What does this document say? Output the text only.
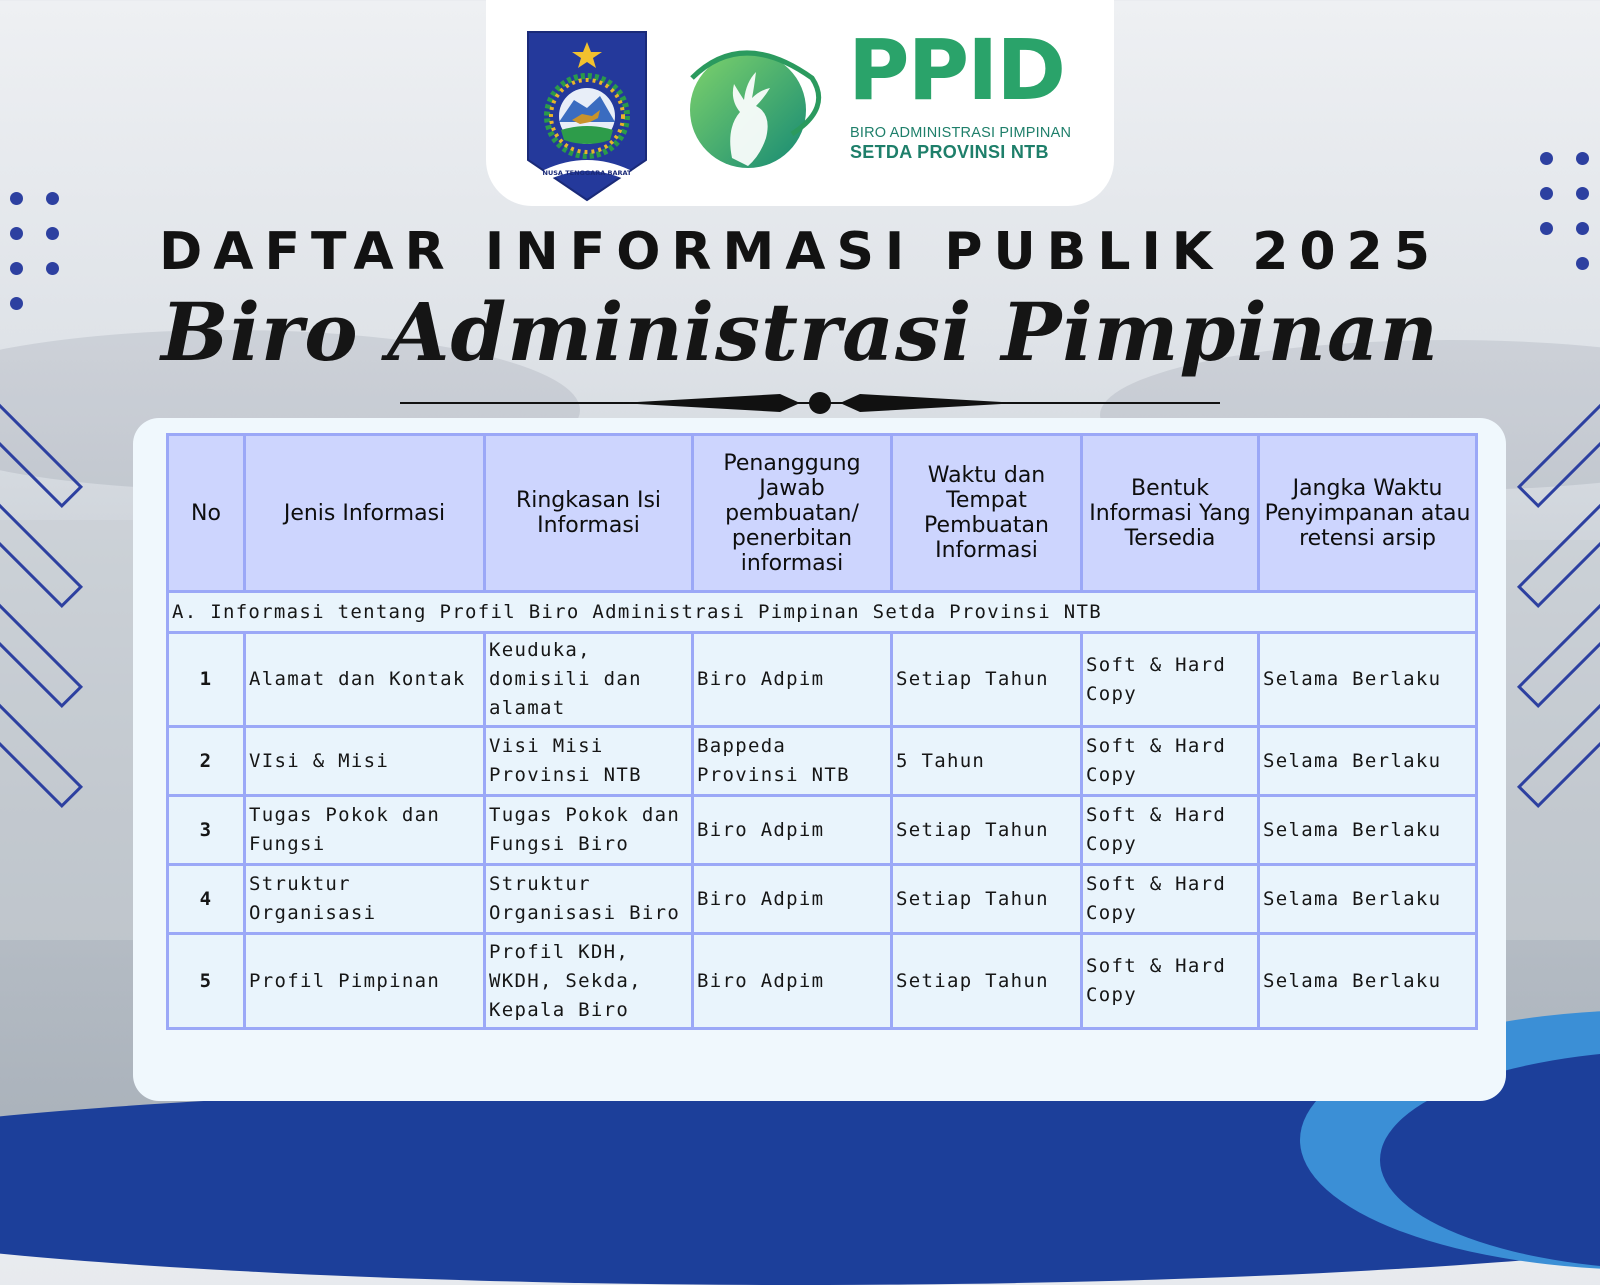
NUSA TENGGARA BARAT
PPID
BIRO ADMINISTRASI PIMPINAN
SETDA PROVINSI NTB
DAFTAR INFORMASI PUBLIK 2025
Biro Administrasi Pimpinan
No	Jenis Informasi	Ringkasan Isi Informasi	Penanggung Jawab pembuatan/ penerbitan informasi	Waktu dan Tempat Pembuatan Informasi	Bentuk Informasi Yang Tersedia	Jangka Waktu Penyimpanan atau retensi arsip
A. Informasi tentang Profil Biro Administrasi Pimpinan Setda Provinsi NTB						
1	Alamat dan Kontak	Keuduka, domisili dan alamat	Biro Adpim	Setiap Tahun	Soft & Hard Copy	Selama Berlaku
2	VIsi & Misi	Visi Misi Provinsi NTB	Bappeda Provinsi NTB	5 Tahun	Soft & Hard Copy	Selama Berlaku
3	Tugas Pokok dan Fungsi	Tugas Pokok dan Fungsi Biro	Biro Adpim	Setiap Tahun	Soft & Hard Copy	Selama Berlaku
4	Struktur Organisasi	Struktur Organisasi Biro	Biro Adpim	Setiap Tahun	Soft & Hard Copy	Selama Berlaku
5	Profil Pimpinan	Profil KDH, WKDH, Sekda, Kepala Biro	Biro Adpim	Setiap Tahun	Soft & Hard Copy	Selama Berlaku
